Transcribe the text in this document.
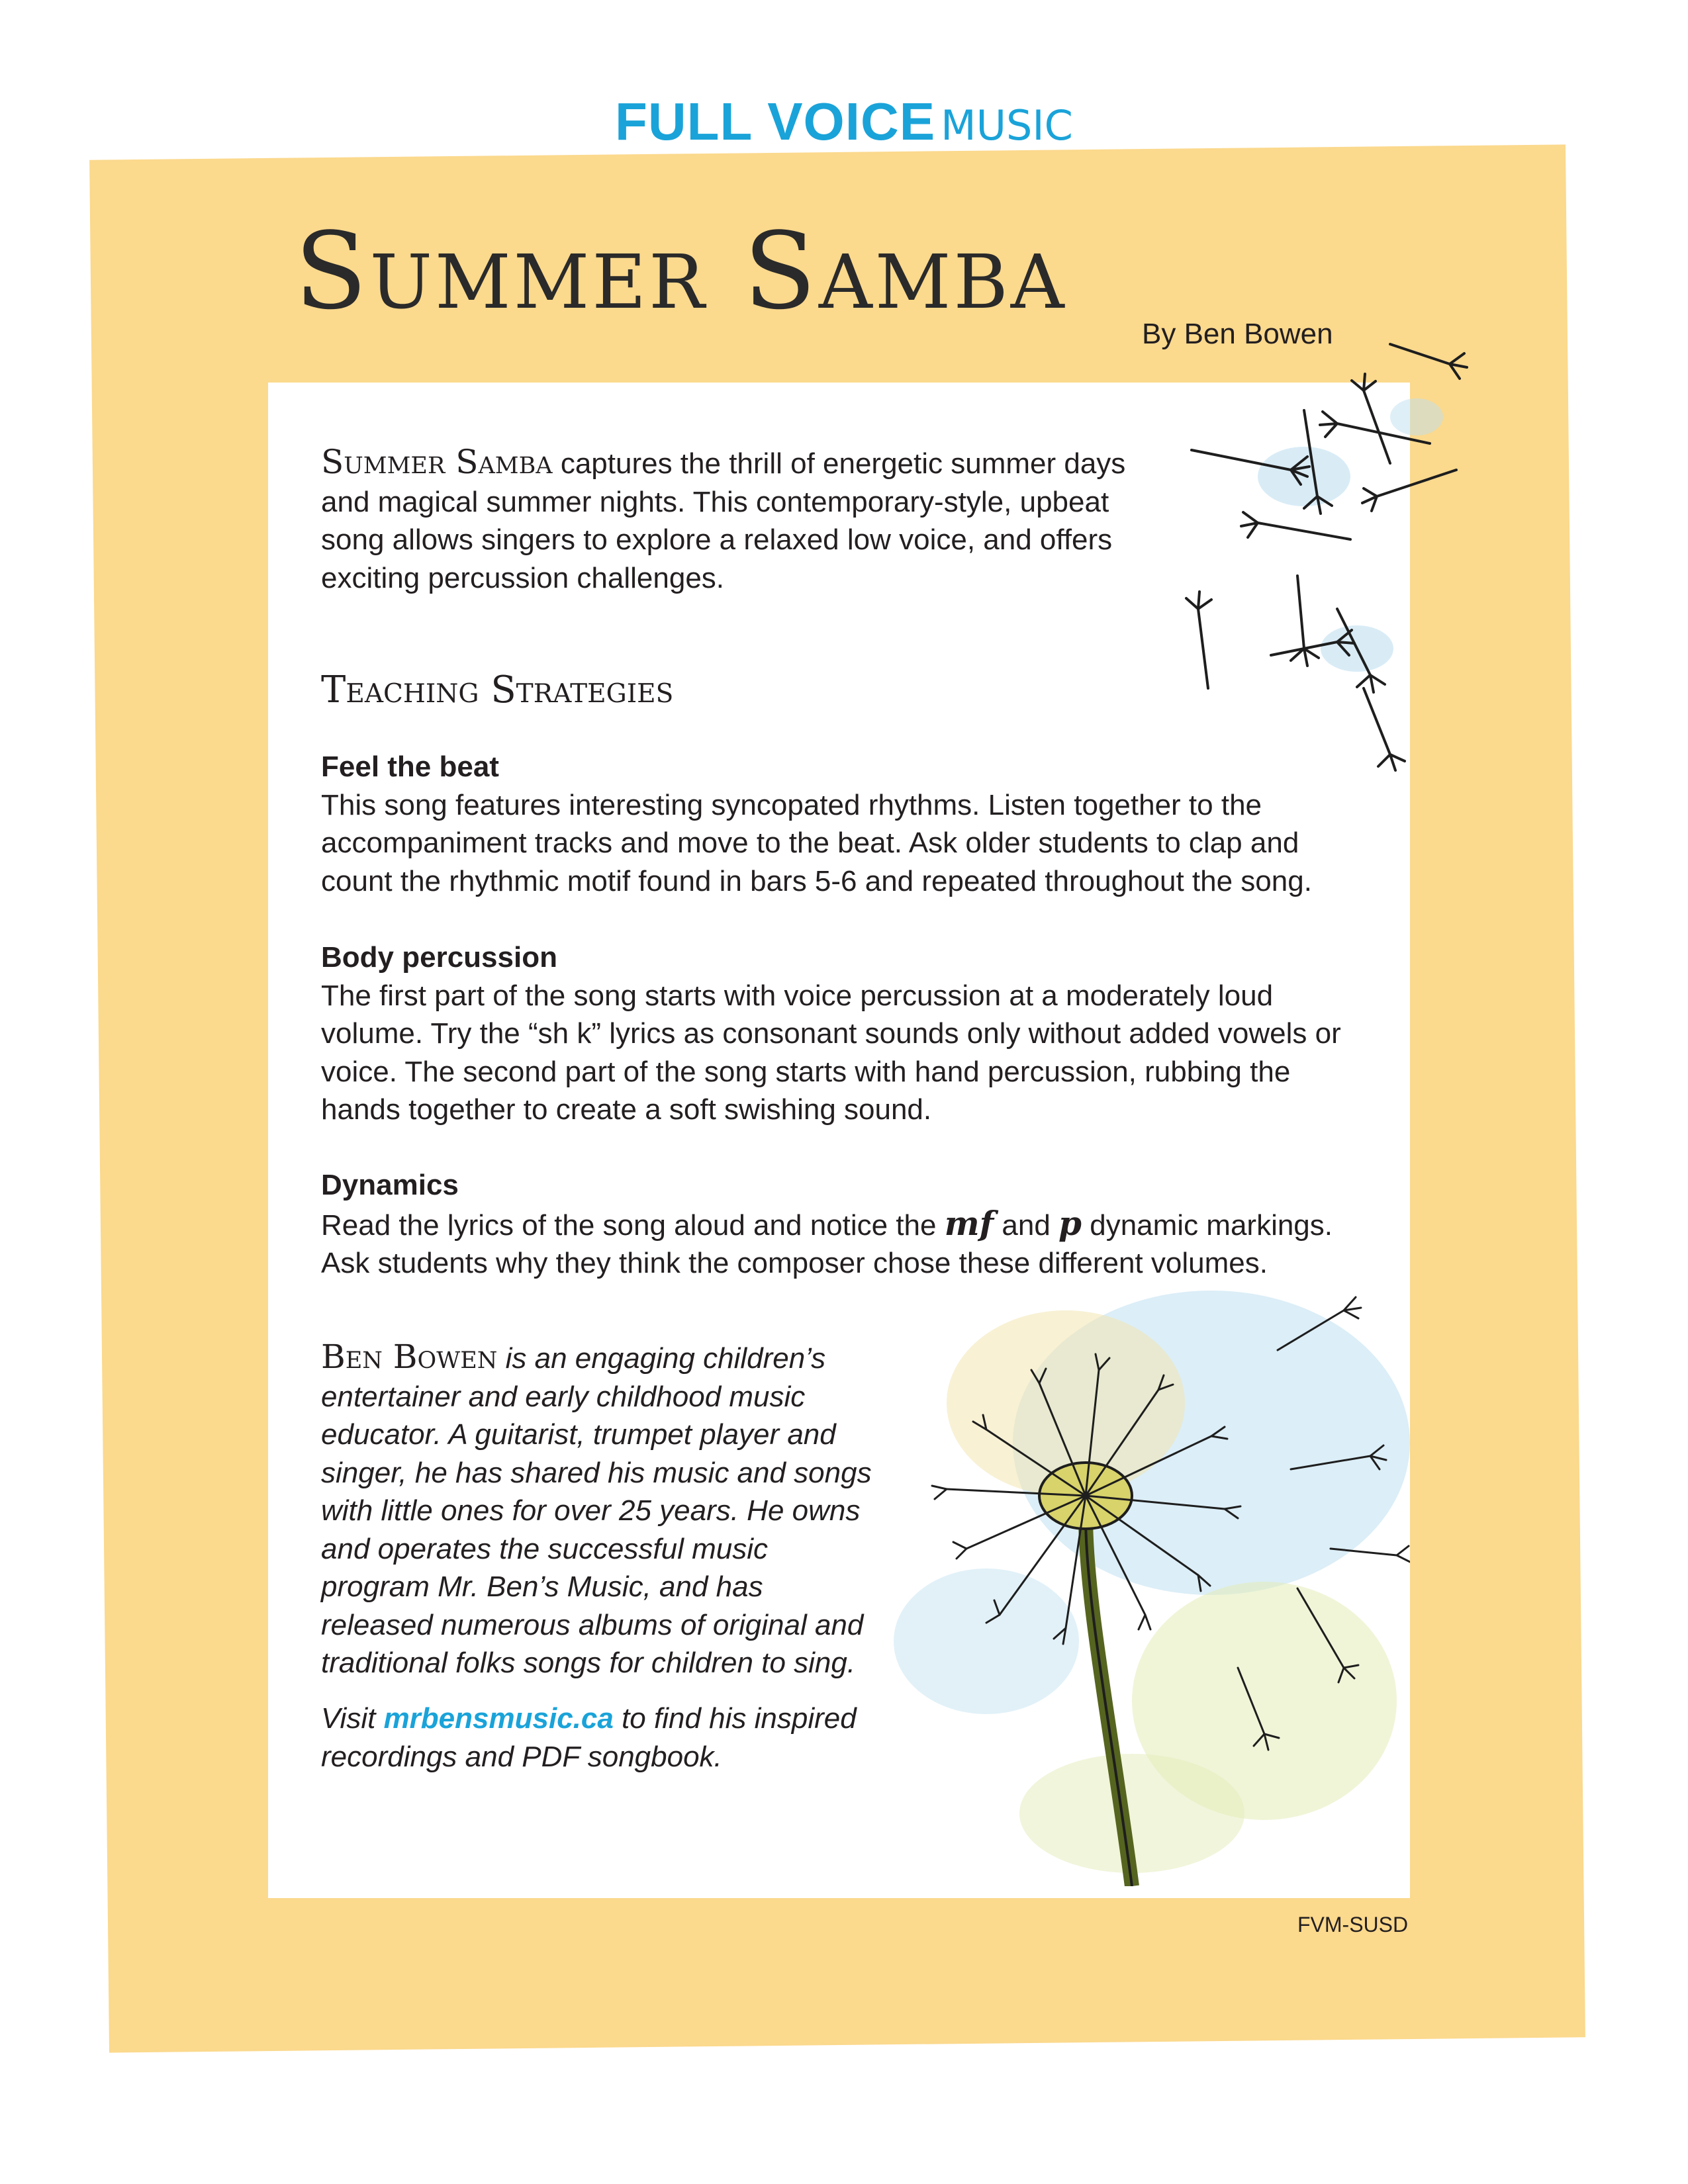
FULL VOICE MUSIC
Summer Samba
By Ben Bowen

Summer Samba captures the thrill of energetic summer days and magical summer nights. This contemporary-style, upbeat song allows singers to explore a relaxed low voice, and offers exciting percussion challenges.

Teaching Strategies

Feel the beat
This song features interesting syncopated rhythms. Listen together to the accompaniment tracks and move to the beat. Ask older students to clap and count the rhythmic motif found in bars 5-6 and repeated throughout the song.

Body percussion
The first part of the song starts with voice percussion at a moderately loud volume. Try the “sh k” lyrics as consonant sounds only without added vowels or voice. The second part of the song starts with hand percussion, rubbing the hands together to create a soft swishing sound.

Dynamics
Read the lyrics of the song aloud and notice the mf and p dynamic markings. Ask students why they think the composer chose these different volumes.

Ben Bowen is an engaging children’s entertainer and early childhood music educator. A guitarist, trumpet player and singer, he has shared his music and songs with little ones for over 25 years. He owns and operates the successful music program Mr. Ben’s Music, and has released numerous albums of original and traditional folks songs for children to sing.

Visit mrbensmusic.ca to find his inspired recordings and PDF songbook.

FVM-SUSD
